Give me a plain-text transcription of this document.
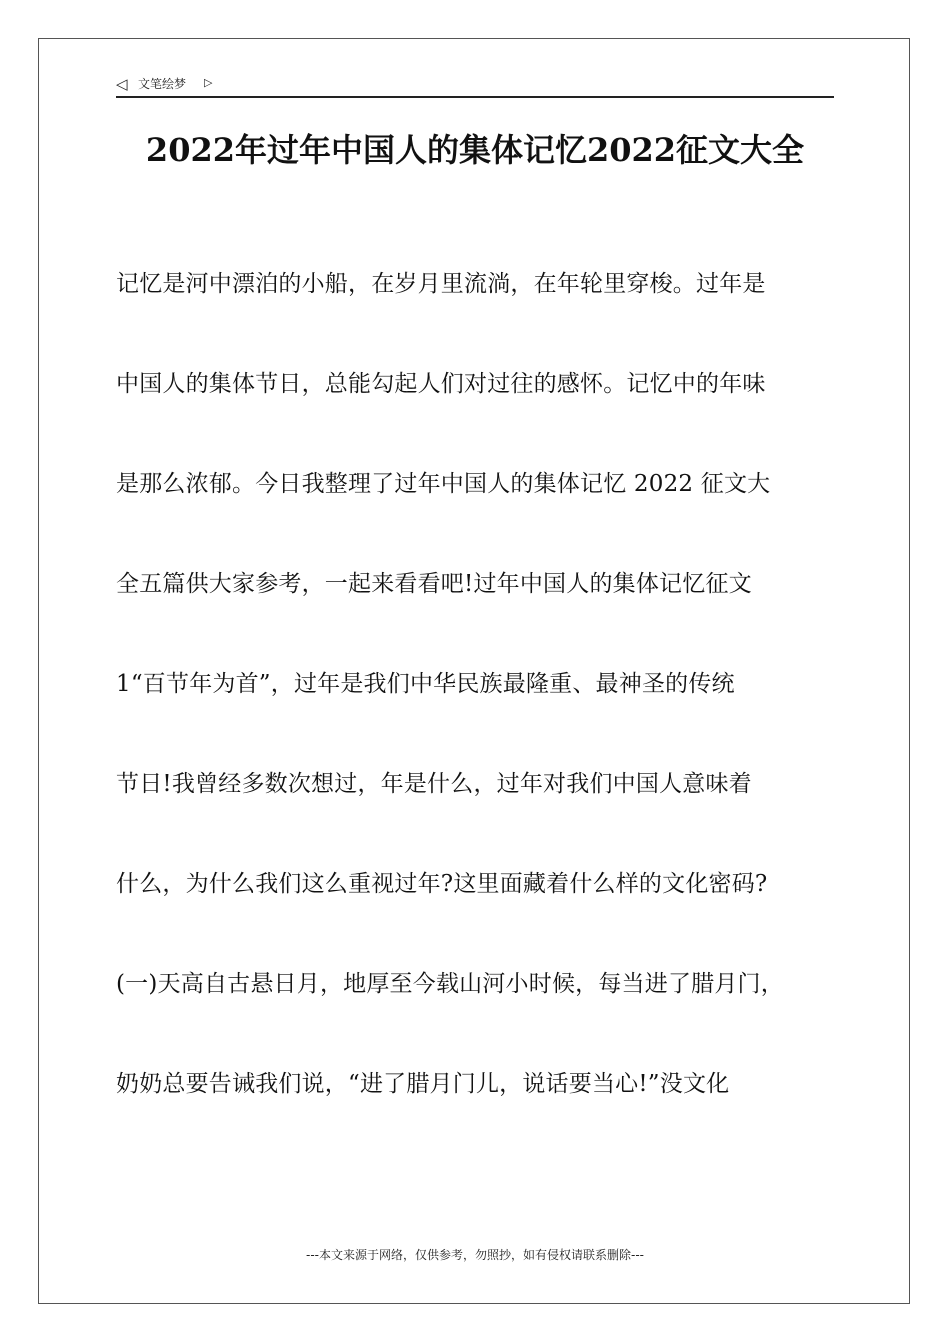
◁ 文笔绘梦 ▷
2022年过年中国人的集体记忆2022征文大全
记忆是河中漂泊的小船，在岁月里流淌，在年轮里穿梭。过年是
中国人的集体节日，总能勾起人们对过往的感怀。记忆中的年味
是那么浓郁。今日我整理了过年中国人的集体记忆 2022 征文大
全五篇供大家参考，一起来看看吧!过年中国人的集体记忆征文
1“百节年为首”，过年是我们中华民族最隆重、最神圣的传统
节日!我曾经多数次想过，年是什么，过年对我们中国人意味着
什么，为什么我们这么重视过年?这里面藏着什么样的文化密码?
(一)天高自古悬日月，地厚至今载山河小时候，每当进了腊月门，
奶奶总要告诫我们说，“进了腊月门儿，说话要当心!”没文化
---本文来源于网络，仅供参考，勿照抄，如有侵权请联系删除---
